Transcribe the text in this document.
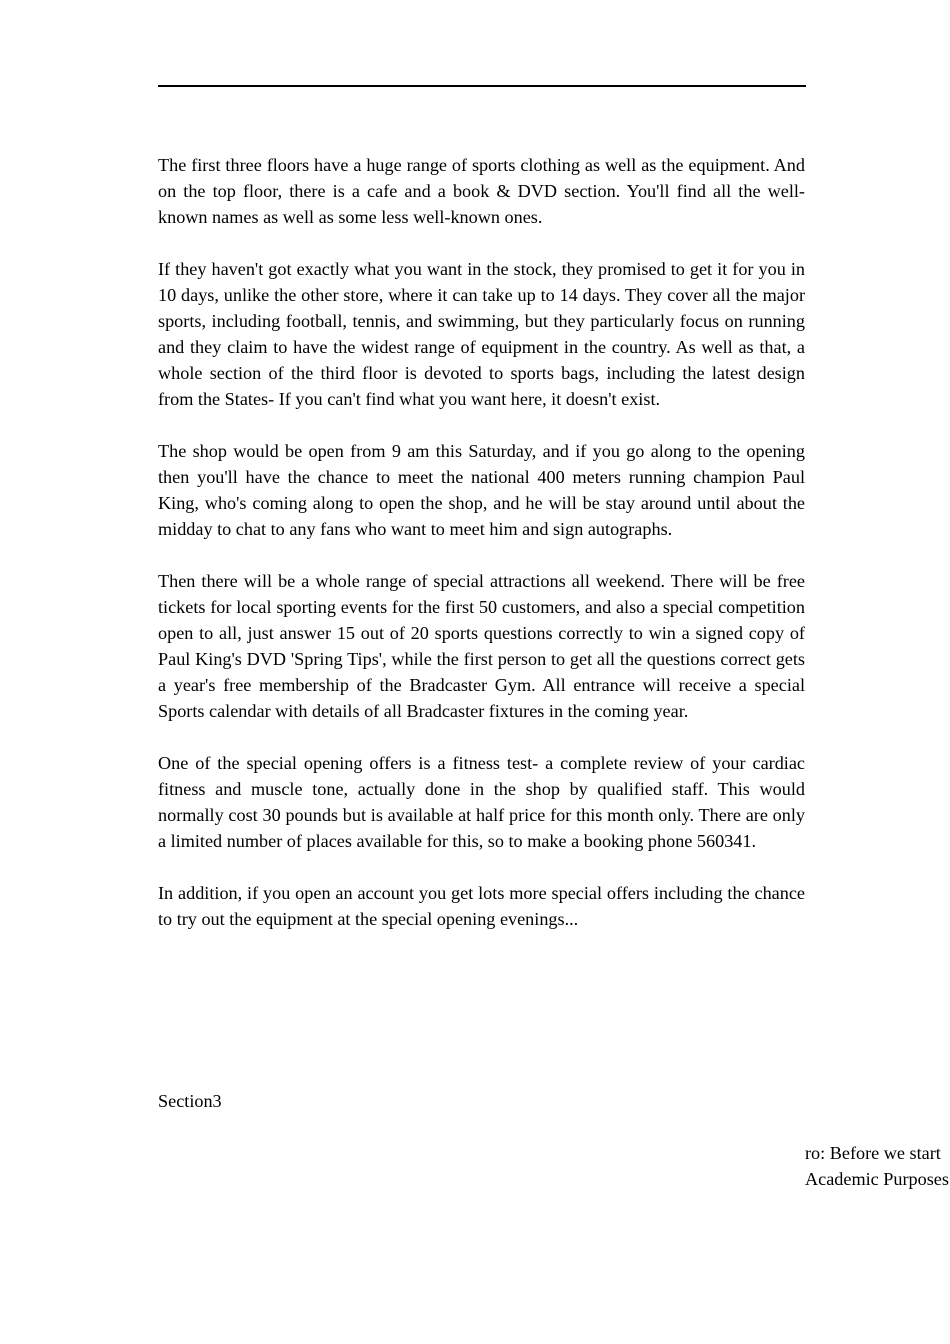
The first three floors have a huge range of sports clothing as well as the equipment. And on the top floor, there is a cafe and a book & DVD section. You'll find all the well-known names as well as some less well-known ones.

If they haven't got exactly what you want in the stock, they promised to get it for you in 10 days, unlike the other store, where it can take up to 14 days. They cover all the major sports, including football, tennis, and swimming, but they particularly focus on running and they claim to have the widest range of equipment in the country. As well as that, a whole section of the third floor is devoted to sports bags, including the latest design from the States- If you can't find what you want here, it doesn't exist.

The shop would be open from 9 am this Saturday, and if you go along to the opening then you'll have the chance to meet the national 400 meters running champion Paul King, who's coming along to open the shop, and he will be stay around until about the midday to chat to any fans who want to meet him and sign autographs.

Then there will be a whole range of special attractions all weekend. There will be free tickets for local sporting events for the first 50 customers, and also a special competition open to all, just answer 15 out of 20 sports questions correctly to win a signed copy of Paul King's DVD 'Spring Tips', while the first person to get all the questions correct gets a year's free membership of the Bradcaster Gym. All entrance will receive a special Sports calendar with details of all Bradcaster fixtures in the coming year.

One of the special opening offers is a fitness test- a complete review of your cardiac fitness and muscle tone, actually done in the shop by qualified staff. This would normally cost 30 pounds but is available at half price for this month only. There are only a limited number of places available for this, so to make a booking phone 560341.

In addition, if you open an account you get lots more special offers including the chance to try out the equipment at the special opening evenings...

Section3
ro: Before we start
Academic Purposes
